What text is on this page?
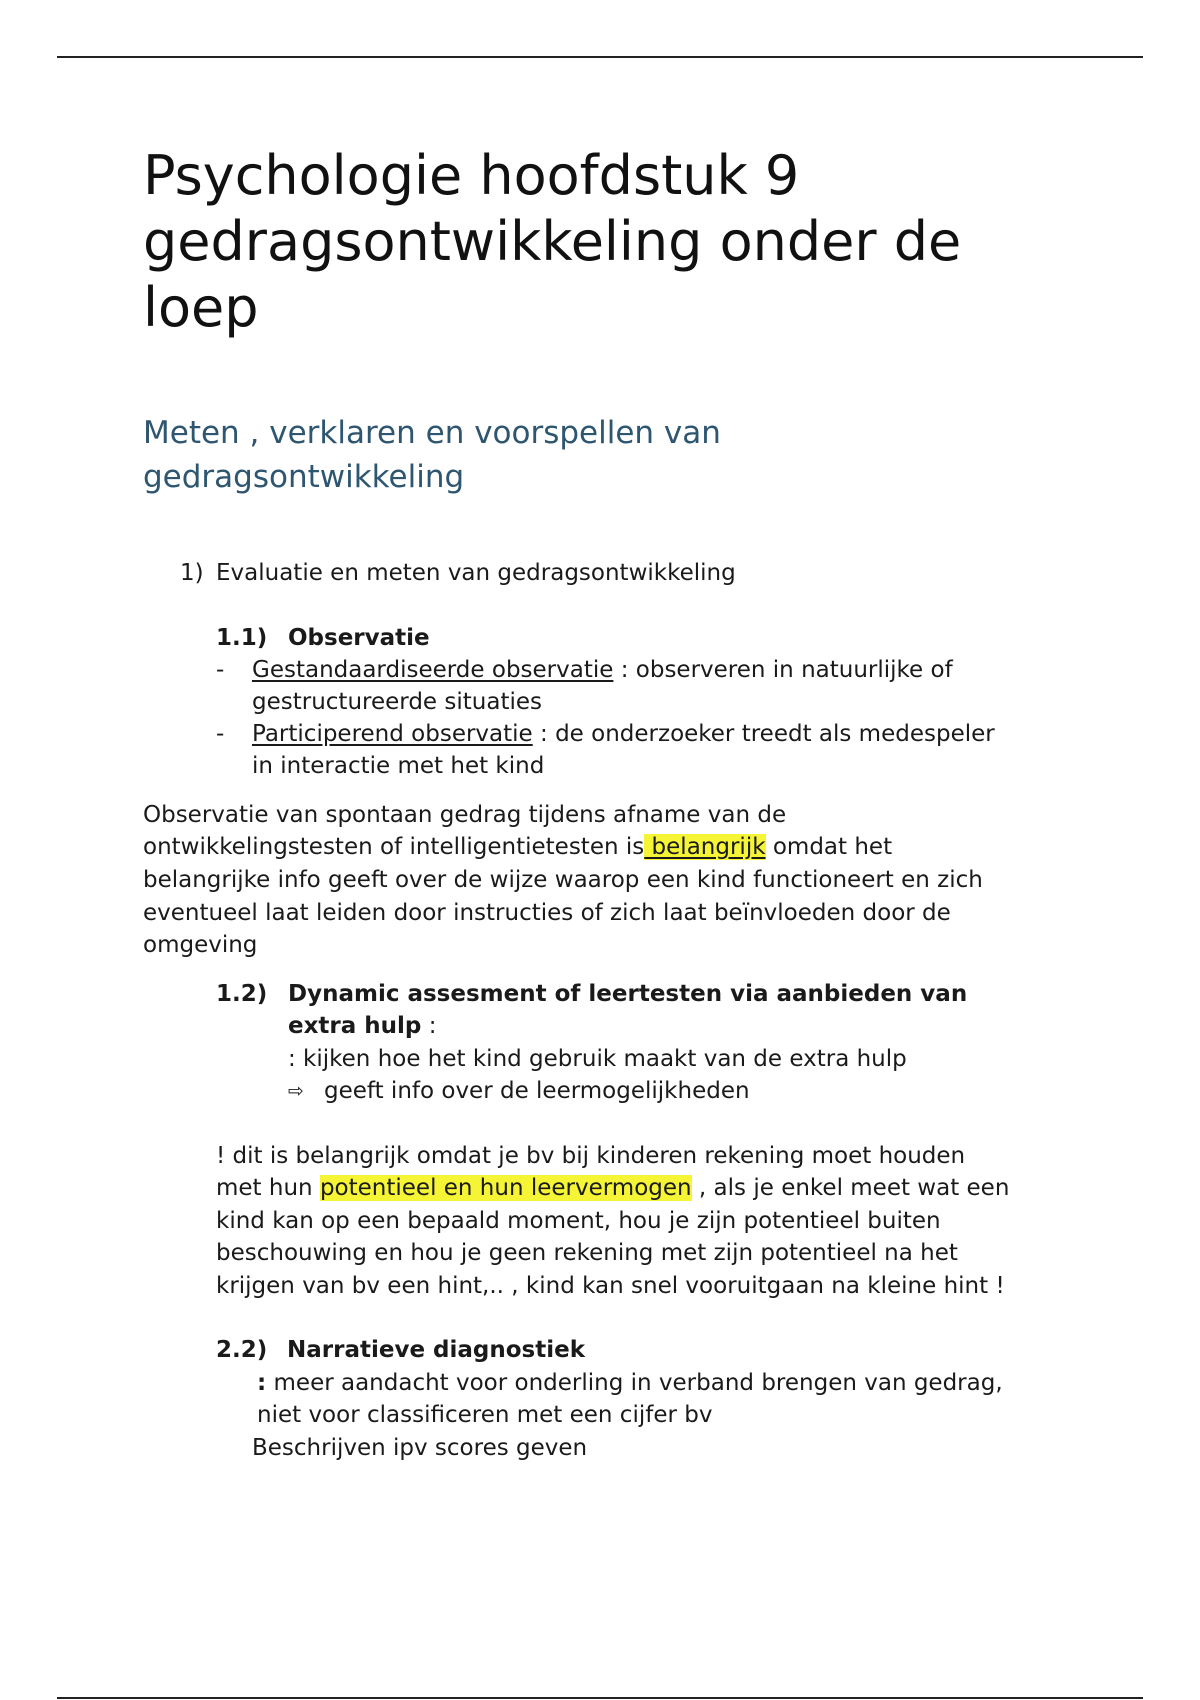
Psychologie hoofdstuk 9
gedragsontwikkeling onder de
loep
Meten , verklaren en voorspellen van
gedragsontwikkeling

1) Evaluatie en meten van gedragsontwikkeling

1.1) Observatie

- Gestandaardiseerde observatie : observeren in natuurlijke of

gestructureerde situaties

- Participerend observatie : de onderzoeker treedt als medespeler

in interactie met het kind

Observatie van spontaan gedrag tijdens afname van de

ontwikkelingstesten of intelligentietesten is belangrijk omdat het

belangrijke info geeft over de wijze waarop een kind functioneert en zich

eventueel laat leiden door instructies of zich laat beïnvloeden door de

omgeving

1.2) Dynamic assesment of leertesten via aanbieden van

extra hulp :

: kijken hoe het kind gebruik maakt van de extra hulp

⇨ geeft info over de leermogelijkheden

! dit is belangrijk omdat je bv bij kinderen rekening moet houden

met hun potentieel en hun leervermogen , als je enkel meet wat een

kind kan op een bepaald moment, hou je zijn potentieel buiten

beschouwing en hou je geen rekening met zijn potentieel na het

krijgen van bv een hint,.. , kind kan snel vooruitgaan na kleine hint !

2.2) Narratieve diagnostiek

: meer aandacht voor onderling in verband brengen van gedrag,

niet voor classificeren met een cijfer bv

Beschrijven ipv scores geven
